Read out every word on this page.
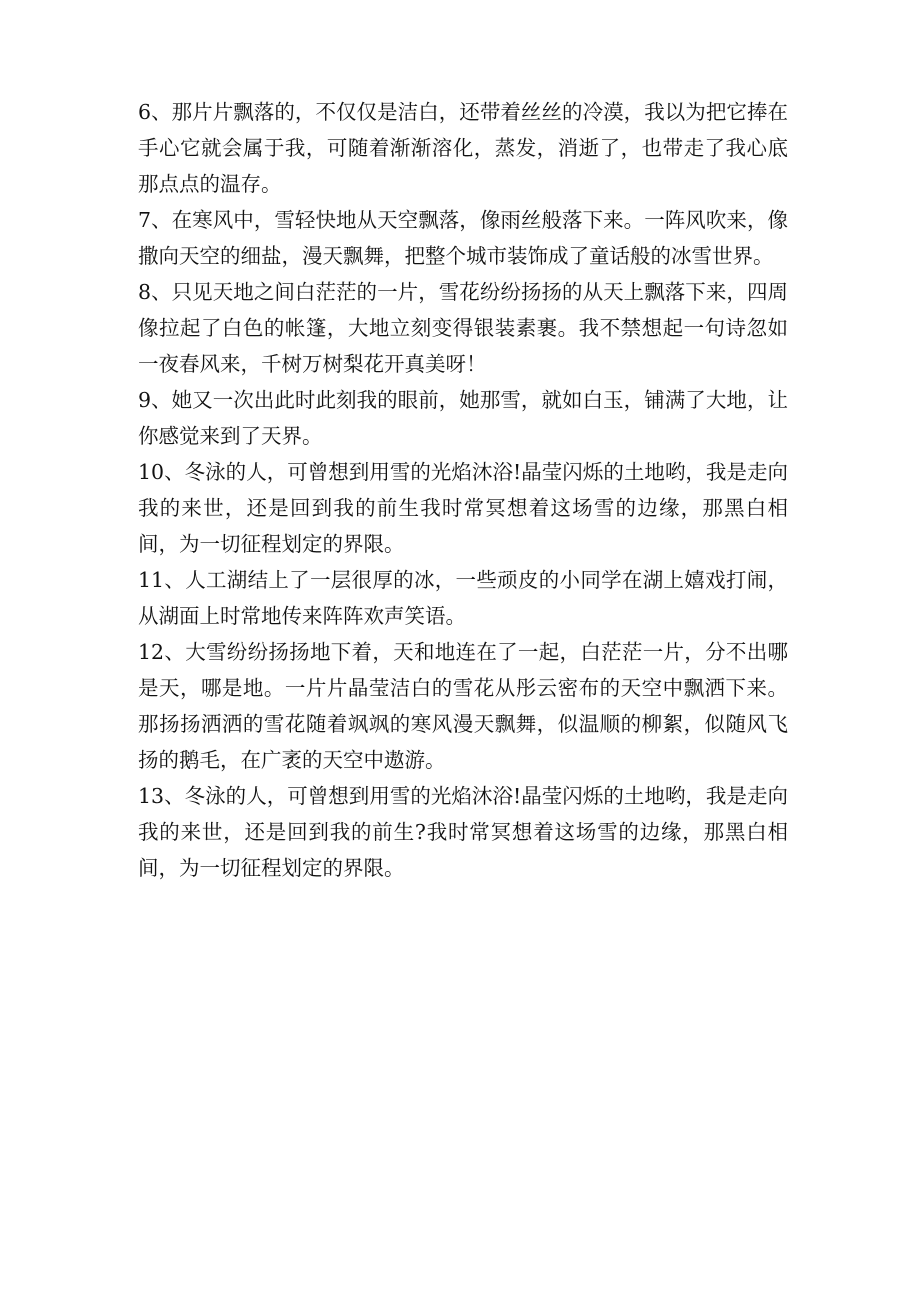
6、那片片飘落的，不仅仅是洁白，还带着丝丝的冷漠，我以为把它捧在手心它就会属于我，可随着渐渐溶化，蒸发，消逝了，也带走了我心底那点点的温存。

7、在寒风中，雪轻快地从天空飘落，像雨丝般落下来。一阵风吹来，像撒向天空的细盐，漫天飘舞，把整个城市装饰成了童话般的冰雪世界。

8、只见天地之间白茫茫的一片，雪花纷纷扬扬的从天上飘落下来，四周像拉起了白色的帐篷，大地立刻变得银装素裹。我不禁想起一句诗忽如一夜春风来，千树万树梨花开真美呀！

9、她又一次出此时此刻我的眼前，她那雪，就如白玉，铺满了大地，让你感觉来到了天界。

10、冬泳的人，可曾想到用雪的光焰沐浴!晶莹闪烁的土地哟，我是走向我的来世，还是回到我的前生我时常冥想着这场雪的边缘，那黑白相间，为一切征程划定的界限。

11、人工湖结上了一层很厚的冰，一些顽皮的小同学在湖上嬉戏打闹，从湖面上时常地传来阵阵欢声笑语。

12、大雪纷纷扬扬地下着，天和地连在了一起，白茫茫一片，分不出哪是天，哪是地。一片片晶莹洁白的雪花从彤云密布的天空中飘洒下来。那扬扬洒洒的雪花随着飒飒的寒风漫天飘舞，似温顺的柳絮，似随风飞扬的鹅毛，在广袤的天空中遨游。

13、冬泳的人，可曾想到用雪的光焰沐浴!晶莹闪烁的土地哟，我是走向我的来世，还是回到我的前生?我时常冥想着这场雪的边缘，那黑白相间，为一切征程划定的界限。
